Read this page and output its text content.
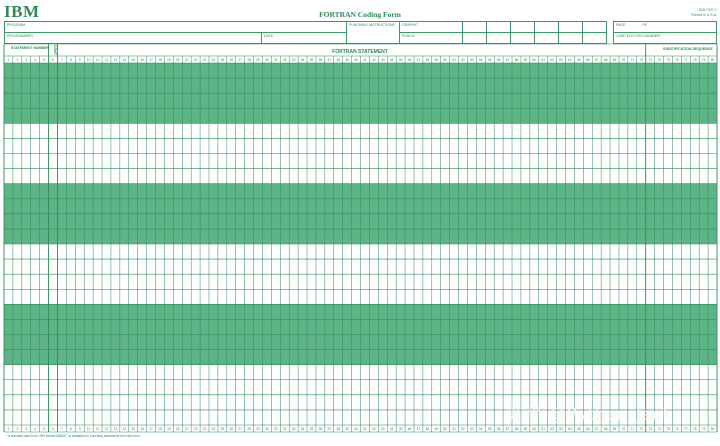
IBM	FORTRAN Coding Form	X28-7327-1
Printed in U.S.A.
PROGRAM
PROGRAMMER	DATE
PUNCHING INSTRUCTIONS	GRAPHIC
PUNCH
PAGE	OF
CARD ELECTRO NUMBER*
STATEMENT NUMBER CONT	FORTRAN STATEMENT	IDENTIFICATION SEQUENCE
1 2 3 4 5 6 7 8 9 10 11 12 13 14 15 16 17 18 19 20 21 22 23 24 25 26 27 28 29 30 31 32 33 34 35 36 37 38 39 40 41 42 43 44 45 46 47 48 49 50 51 52 53 54 55 56 57 58 59 60 61 62 63 64 65 66 67 68 69 70 71 72 73 74 75 76 77 78 79 80
1 2 3 4 5 6 7 8 9 10 11 12 13 14 15 16 17 18 19 20 21 22 23 24 25 26 27 28 29 30 31 32 33 34 35 36 37 38 39 40 41 42 43 44 45 46 47 48 49 50 51 52 53 54 55 56 57 58 59 60 61 62 63 64 65 66 67 68 69 70 71 72 73 74 75 76 77 78 79 80
* A standard card form, IBM electro 888157, is available for punching statements from this form
知乎 @Python-Jack
